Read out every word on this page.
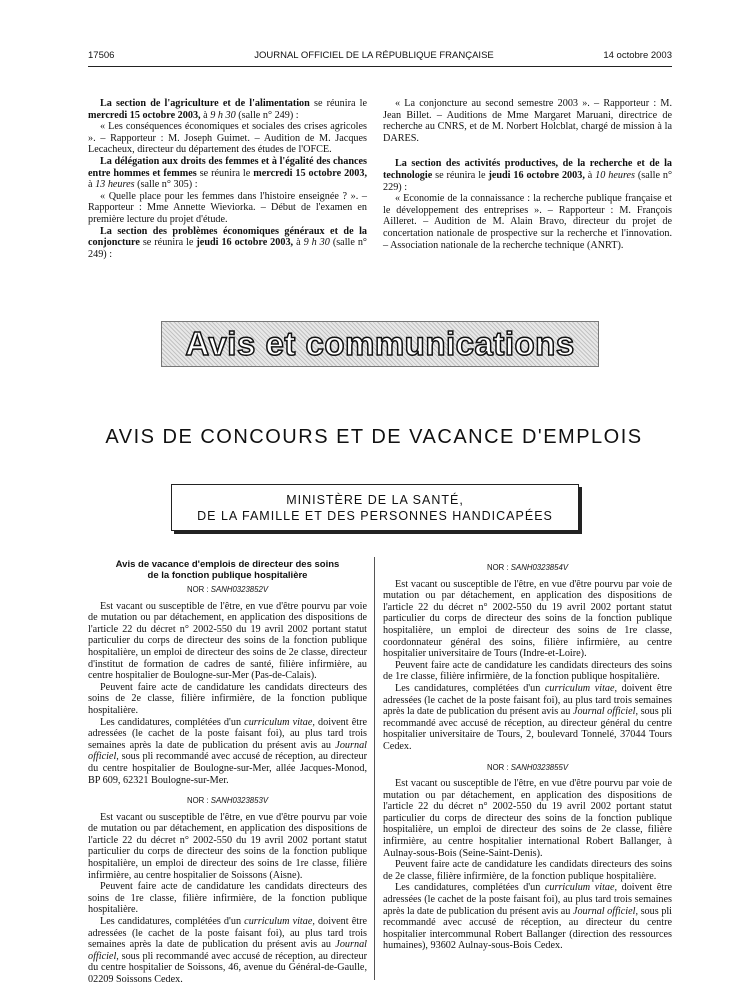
17506	JOURNAL OFFICIEL DE LA RÉPUBLIQUE FRANÇAISE	14 octobre 2003

La section de l'agriculture et de l'alimentation se réunira le mercredi 15 octobre 2003, à 9 h 30 (salle n° 249) :

« Les conséquences économiques et sociales des crises agricoles ». – Rapporteur : M. Joseph Guimet. – Audition de M. Jacques Lecacheux, directeur du département des études de l'OFCE.

La délégation aux droits des femmes et à l'égalité des chances entre hommes et femmes se réunira le mercredi 15 octobre 2003, à 13 heures (salle n° 305) :

« Quelle place pour les femmes dans l'histoire enseignée ? ». – Rapporteur : Mme Annette Wieviorka. – Début de l'examen en première lecture du projet d'étude.

La section des problèmes économiques généraux et de la conjoncture se réunira le jeudi 16 octobre 2003, à 9 h 30 (salle n° 249) :

« La conjoncture au second semestre 2003 ». – Rapporteur : M. Jean Billet. – Auditions de Mme Margaret Maruani, directrice de recherche au CNRS, et de M. Norbert Holcblat, chargé de mission à la DARES.

La section des activités productives, de la recherche et de la technologie se réunira le jeudi 16 octobre 2003, à 10 heures (salle n° 229) :

« Economie de la connaissance : la recherche publique française et le développement des entreprises ». – Rapporteur : M. François Ailleret. – Audition de M. Alain Bravo, directeur du projet de concertation nationale de prospective sur la recherche et l'innovation. – Association nationale de la recherche technique (ANRT).

Avis et communications
AVIS DE CONCOURS ET DE VACANCE D'EMPLOIS
MINISTÈRE DE LA SANTÉ,
DE LA FAMILLE ET DES PERSONNES HANDICAPÉES

Avis de vacance d'emplois de directeur des soins

de la fonction publique hospitalière

NOR : SANH0323852V

Est vacant ou susceptible de l'être, en vue d'être pourvu par voie de mutation ou par détachement, en application des dispositions de l'article 22 du décret n° 2002-550 du 19 avril 2002 portant statut particulier du corps de directeur des soins de la fonction publique hospitalière, un emploi de directeur des soins de 2e classe, directeur d'institut de formation de cadres de santé, filière infirmière, au centre hospitalier de Boulogne-sur-Mer (Pas-de-Calais).

Peuvent faire acte de candidature les candidats directeurs des soins de 2e classe, filière infirmière, de la fonction publique hospitalière.

Les candidatures, complétées d'un curriculum vitae, doivent être adressées (le cachet de la poste faisant foi), au plus tard trois semaines après la date de publication du présent avis au Journal officiel, sous pli recommandé avec accusé de réception, au directeur du centre hospitalier de Boulogne-sur-Mer, allée Jacques-Monod, BP 609, 62321 Boulogne-sur-Mer.

NOR : SANH0323853V

Est vacant ou susceptible de l'être, en vue d'être pourvu par voie de mutation ou par détachement, en application des dispositions de l'article 22 du décret n° 2002-550 du 19 avril 2002 portant statut particulier du corps de directeur des soins de la fonction publique hospitalière, un emploi de directeur des soins de 1re classe, filière infirmière, au centre hospitalier de Soissons (Aisne).

Peuvent faire acte de candidature les candidats directeurs des soins de 1re classe, filière infirmière, de la fonction publique hospitalière.

Les candidatures, complétées d'un curriculum vitae, doivent être adressées (le cachet de la poste faisant foi), au plus tard trois semaines après la date de publication du présent avis au Journal officiel, sous pli recommandé avec accusé de réception, au directeur du centre hospitalier de Soissons, 46, avenue du Général-de-Gaulle, 02209 Soissons Cedex.

NOR : SANH0323854V

Est vacant ou susceptible de l'être, en vue d'être pourvu par voie de mutation ou par détachement, en application des dispositions de l'article 22 du décret n° 2002-550 du 19 avril 2002 portant statut particulier du corps de directeur des soins de la fonction publique hospitalière, un emploi de directeur des soins de 1re classe, coordonnateur général des soins, filière infirmière, au centre hospitalier universitaire de Tours (Indre-et-Loire).

Peuvent faire acte de candidature les candidats directeurs des soins de 1re classe, filière infirmière, de la fonction publique hospitalière.

Les candidatures, complétées d'un curriculum vitae, doivent être adressées (le cachet de la poste faisant foi), au plus tard trois semaines après la date de publication du présent avis au Journal officiel, sous pli recommandé avec accusé de réception, au directeur général du centre hospitalier universitaire de Tours, 2, boulevard Tonnelé, 37044 Tours Cedex.

NOR : SANH0323855V

Est vacant ou susceptible de l'être, en vue d'être pourvu par voie de mutation ou par détachement, en application des dispositions de l'article 22 du décret n° 2002-550 du 19 avril 2002 portant statut particulier du corps de directeur des soins de la fonction publique hospitalière, un emploi de directeur des soins de 2e classe, filière infirmière, au centre hospitalier international Robert Ballanger, à Aulnay-sous-Bois (Seine-Saint-Denis).

Peuvent faire acte de candidature les candidats directeurs des soins de 2e classe, filière infirmière, de la fonction publique hospitalière.

Les candidatures, complétées d'un curriculum vitae, doivent être adressées (le cachet de la poste faisant foi), au plus tard trois semaines après la date de publication du présent avis au Journal officiel, sous pli recommandé avec accusé de réception, au directeur du centre hospitalier intercommunal Robert Ballanger (direction des ressources humaines), 93602 Aulnay-sous-Bois Cedex.
